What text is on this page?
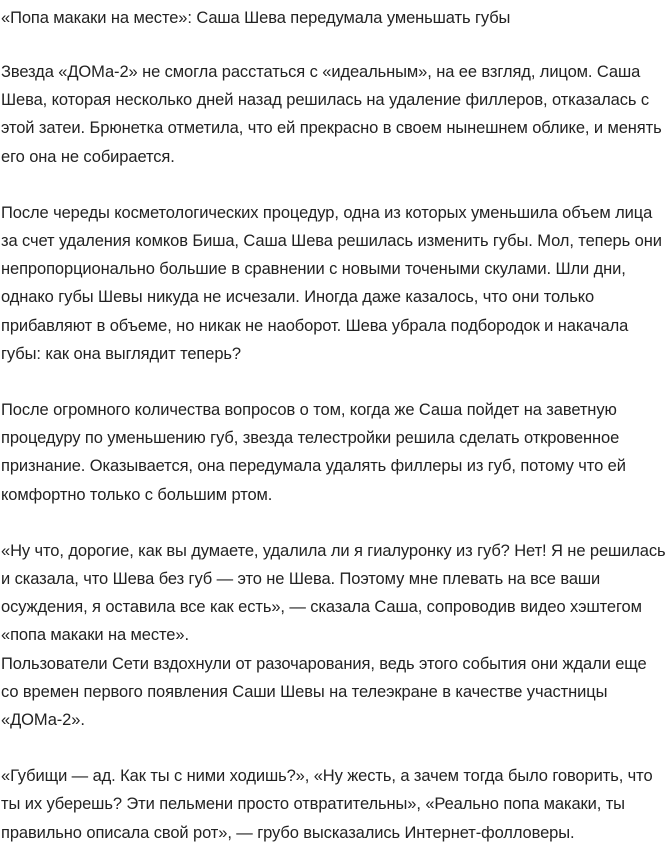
«Попа макаки на месте»: Саша Шева передумала уменьшать губы

Звезда «ДОМа-2» не смогла расстаться с «идеальным», на ее взгляд, лицом. Саша Шева, которая несколько дней назад решилась на удаление филлеров, отказалась с этой затеи. Брюнетка отметила, что ей прекрасно в своем нынешнем облике, и менять его она не собирается.

После череды косметологических процедур, одна из которых уменьшила объем лица за счет удаления комков Биша, Саша Шева решилась изменить губы. Мол, теперь они непропорционально большие в сравнении с новыми точеными скулами. Шли дни, однако губы Шевы никуда не исчезали. Иногда даже казалось, что они только прибавляют в объеме, но никак не наоборот. Шева убрала подбородок и накачала губы: как она выглядит теперь?

После огромного количества вопросов о том, когда же Саша пойдет на заветную процедуру по уменьшению губ, звезда телестройки решила сделать откровенное признание. Оказывается, она передумала удалять филлеры из губ, потому что ей комфортно только с большим ртом.

«Ну что, дорогие, как вы думаете, удалила ли я гиалуронку из губ? Нет! Я не решилась и сказала, что Шева без губ — это не Шева. Поэтому мне плевать на все ваши осуждения, я оставила все как есть», — сказала Саша, сопроводив видео хэштегом «попа макаки на месте».

Пользователи Сети вздохнули от разочарования, ведь этого события они ждали еще со времен первого появления Саши Шевы на телеэкране в качестве участницы «ДОМа-2».

«Губищи — ад. Как ты с ними ходишь?», «Ну жесть, а зачем тогда было говорить, что ты их уберешь? Эти пельмени просто отвратительны», «Реально попа макаки, ты правильно описала свой рот», — грубо высказались Интернет-фолловеры.
